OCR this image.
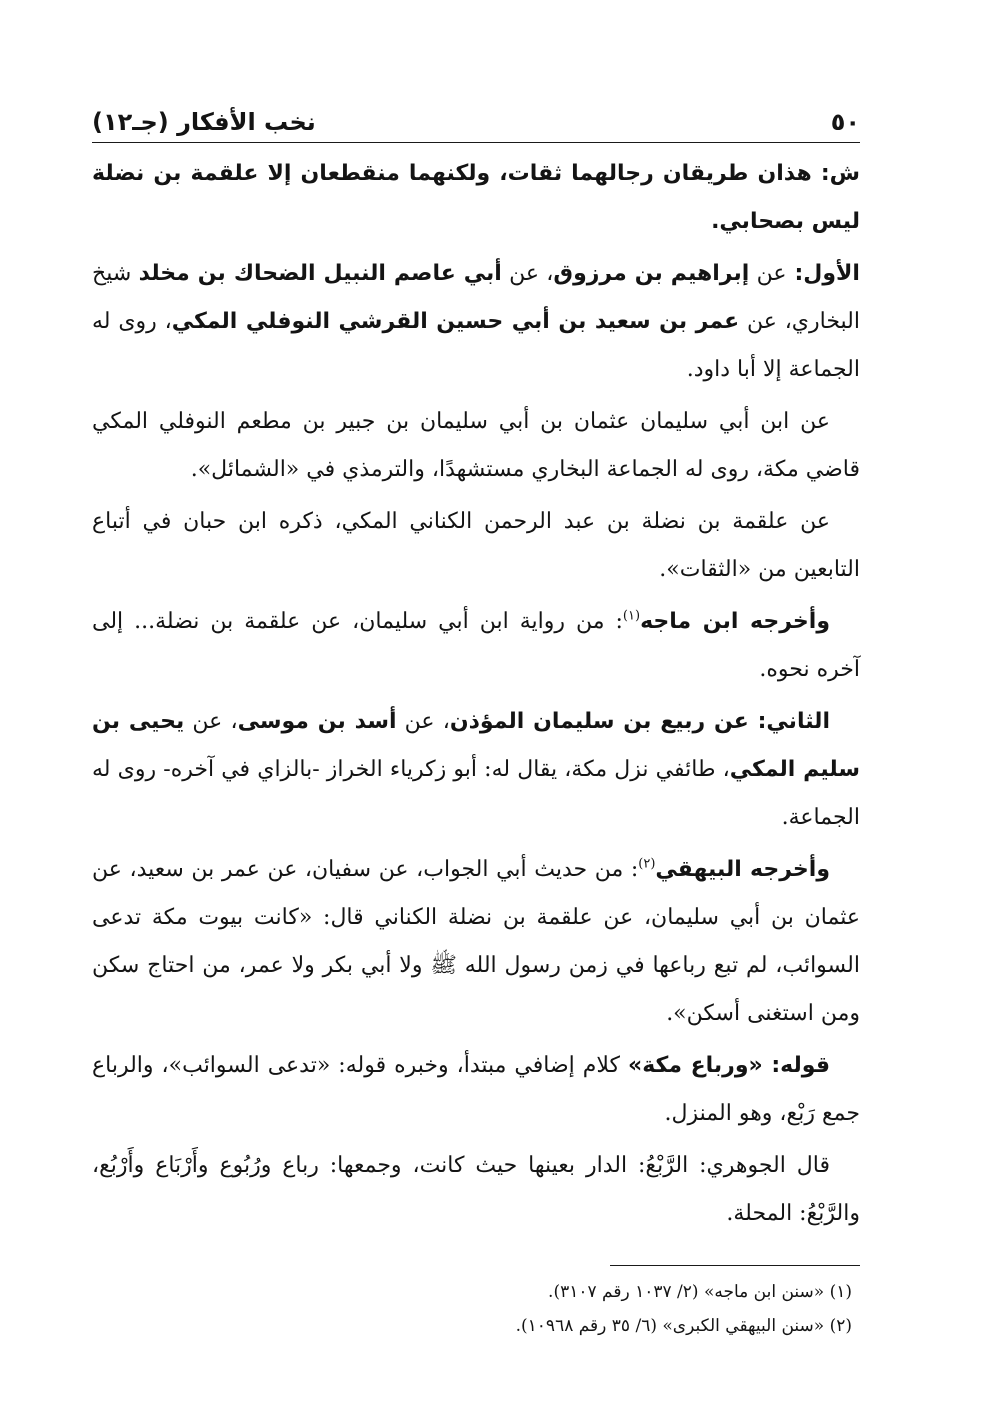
٥٠
نخب الأفكار (جـ١٢)

ش: هذان طريقان رجالهما ثقات، ولكنهما منقطعان إلا علقمة بن نضلة ليس بصحابي.

الأول: عن إبراهيم بن مرزوق، عن أبي عاصم النبيل الضحاك بن مخلد شيخ البخاري، عن عمر بن سعيد بن أبي حسين القرشي النوفلي المكي، روى له الجماعة إلا أبا داود.

عن ابن أبي سليمان عثمان بن أبي سليمان بن جبير بن مطعم النوفلي المكي قاضي مكة، روى له الجماعة البخاري مستشهدًا، والترمذي في «الشمائل».

عن علقمة بن نضلة بن عبد الرحمن الكناني المكي، ذكره ابن حبان في أتباع التابعين من «الثقات».

وأخرجه ابن ماجه$^{(١)}$: من رواية ابن أبي سليمان، عن علقمة بن نضلة... إلى آخره نحوه.

الثاني: عن ربيع بن سليمان المؤذن، عن أسد بن موسى، عن يحيى بن سليم المكي، طائفي نزل مكة، يقال له: أبو زكرياء الخراز -بالزاي في آخره- روى له الجماعة.

وأخرجه البيهقي$^{(٢)}$: من حديث أبي الجواب، عن سفيان، عن عمر بن سعيد، عن عثمان بن أبي سليمان، عن علقمة بن نضلة الكناني قال: «كانت بيوت مكة تدعى السوائب، لم تبع رباعها في زمن رسول الله ﷺ ولا أبي بكر ولا عمر، من احتاج سكن ومن استغنى أسكن».

قوله: «ورباع مكة» كلام إضافي مبتدأ، وخبره قوله: «تدعى السوائب»، والرباع جمع رَبْع، وهو المنزل.

قال الجوهري: الرَّبْعُ: الدار بعينها حيث كانت، وجمعها: رباع ورُبُوع وأَرْبَاع وأَرْبُع، والرَّبْعُ: المحلة.

(١) «سنن ابن ماجه» (٢/ ١٠٣٧ رقم ٣١٠٧).

(٢) «سنن البيهقي الكبرى» (٦/ ٣٥ رقم ١٠٩٦٨).
